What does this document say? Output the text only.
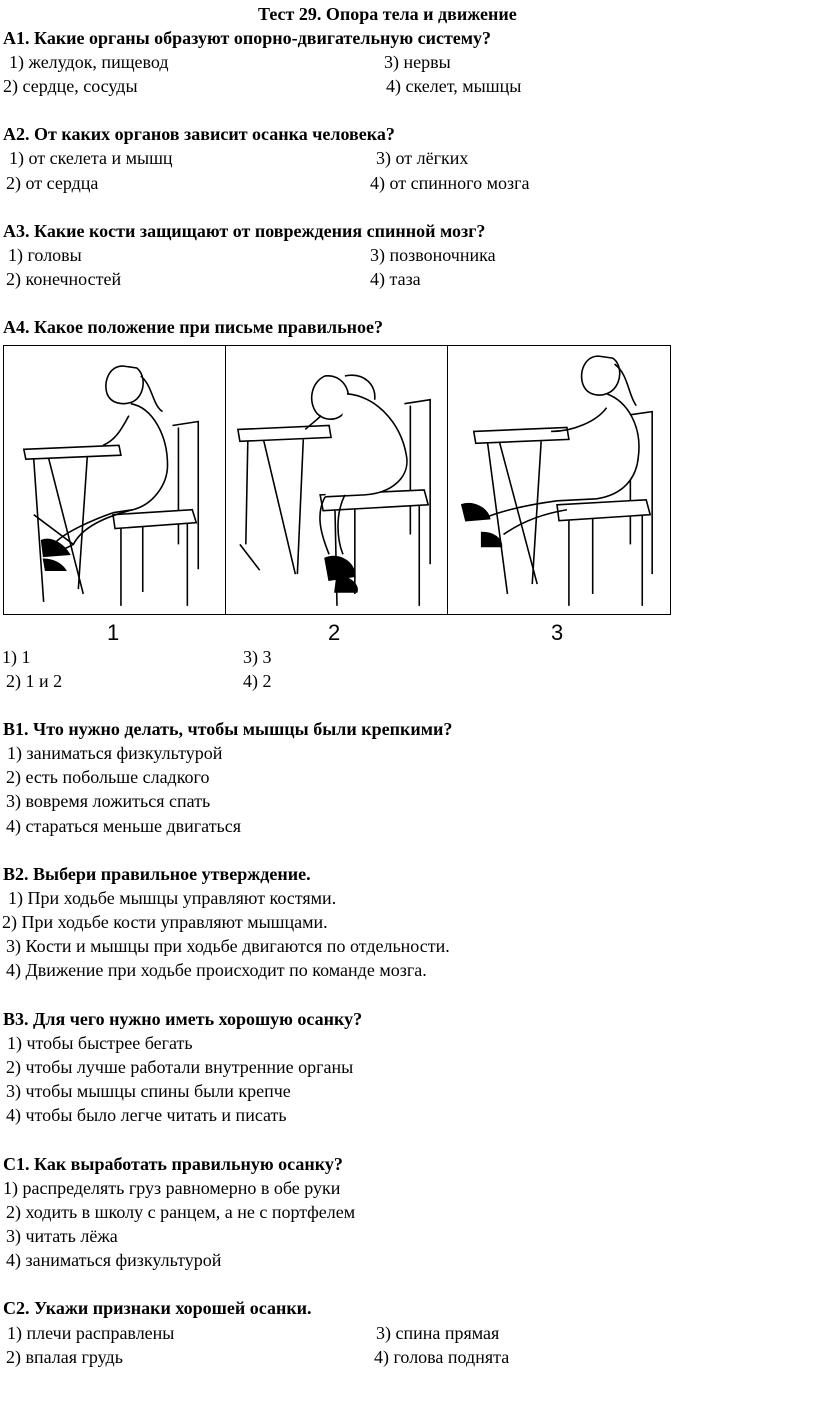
Тест 29. Опора тела и движение
А1. Какие органы образуют опорно-двигательную систему?
1) желудок, пищевод
2) сердце, сосуды
3) нервы
4) скелет, мышцы
А2. От каких органов зависит осанка человека?
1) от скелета и мышц
2) от сердца
3) от лёгких
4) от спинного мозга
А3. Какие кости защищают от повреждения спинной мозг?
1) головы
2) конечностей
3) позвоночника
4) таза
А4. Какое положение при письме правильное?
1	2	3
1) 1
2) 1 и 2
3) 3
4) 2
В1. Что нужно делать, чтобы мышцы были крепкими?
1) заниматься физкультурой
2) есть побольше сладкого
3) вовремя ложиться спать
4) стараться меньше двигаться
В2. Выбери правильное утверждение.
1) При ходьбе мышцы управляют костями.
2) При ходьбе кости управляют мышцами.
3) Кости и мышцы при ходьбе двигаются по отдельности.
4) Движение при ходьбе происходит по команде мозга.
В3. Для чего нужно иметь хорошую осанку?
1) чтобы быстрее бегать
2) чтобы лучше работали внутренние органы
3) чтобы мышцы спины были крепче
4) чтобы было легче читать и писать
С1. Как выработать правильную осанку?
1) распределять груз равномерно в обе руки
2) ходить в школу с ранцем, а не с портфелем
3) читать лёжа
4) заниматься физкультурой
С2. Укажи признаки хорошей осанки.
1) плечи расправлены
2) впалая грудь
3) спина прямая
4) голова поднята
